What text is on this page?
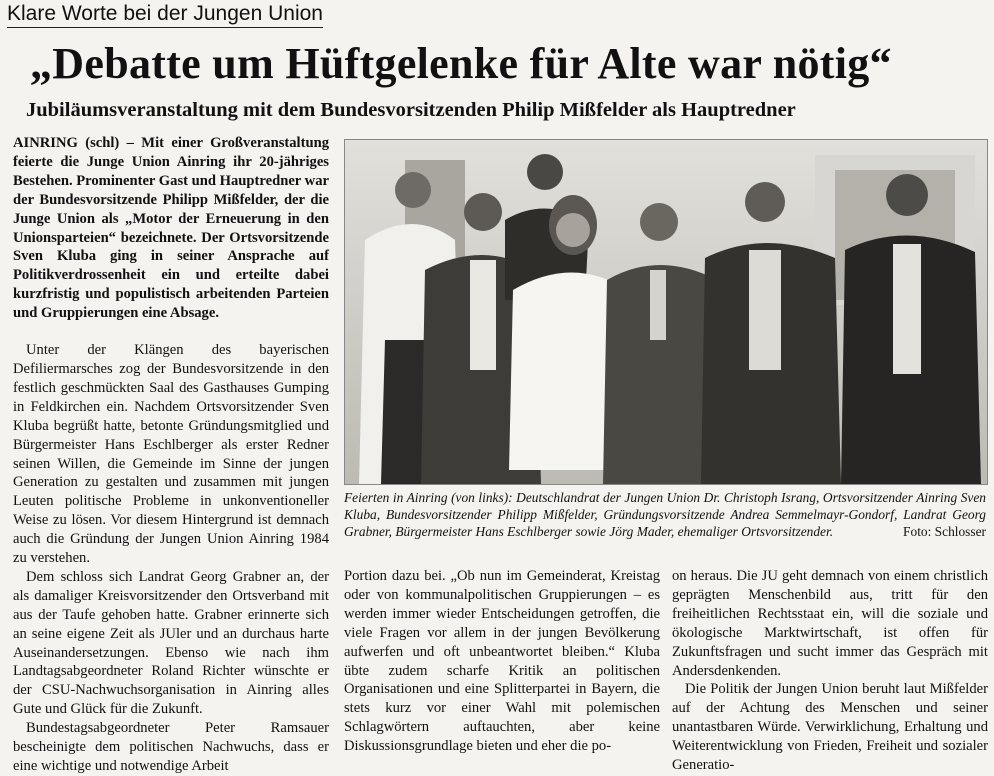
Klare Worte bei der Jungen Union
„Debatte um Hüftgelenke für Alte war nötig“
Jubiläumsveranstaltung mit dem Bundesvorsitzenden Philip Mißfelder als Hauptredner

AINRING (schl) – Mit einer Großveranstaltung feierte die Junge Union Ainring ihr 20-jähriges Bestehen. Prominenter Gast und Hauptredner war der Bundesvorsitzende Philipp Mißfelder, der die Junge Union als „Motor der Erneuerung in den Unionsparteien“ bezeichnete. Der Ortsvorsitzende Sven Kluba ging in seiner Ansprache auf Politikverdrossenheit ein und erteilte dabei kurzfristig und populistisch arbeitenden Parteien und Gruppierungen eine Absage.

Unter der Klängen des bayerischen Defiliermarsches zog der Bundesvorsitzende in den festlich geschmückten Saal des Gasthauses Gumping in Feldkirchen ein. Nachdem Ortsvorsitzender Sven Kluba begrüßt hatte, betonte Gründungsmitglied und Bürgermeister Hans Eschlberger als erster Redner seinen Willen, die Gemeinde im Sinne der jungen Generation zu gestalten und zusammen mit jungen Leuten politische Probleme in unkonventioneller Weise zu lösen. Vor diesem Hintergrund ist demnach auch die Gründung der Jungen Union Ainring 1984 zu verstehen.

Dem schloss sich Landrat Georg Grabner an, der als damaliger Kreisvorsitzender den Ortsverband mit aus der Taufe gehoben hatte. Grabner erinnerte sich an seine eigene Zeit als JUler und an durchaus harte Auseinandersetzungen. Ebenso wie nach ihm Landtagsabgeordneter Roland Richter wünschte er der CSU-Nachwuchsorganisation in Ainring alles Gute und Glück für die Zukunft.

Bundestagsabgeordneter Peter Ramsauer bescheinigte dem politischen Nachwuchs, dass er eine wichtige und notwendige Arbeit

Feierten in Ainring (von links): Deutschlandrat der Jungen Union Dr. Christoph Israng, Ortsvorsitzender Ainring Sven Kluba, Bundesvorsitzender Philipp Mißfelder, Gründungsvorsitzende Andrea Semmelmayr-Gondorf, Landrat Georg Grabner, Bürgermeister Hans Eschlberger sowie Jörg Mader, ehemaliger Ortsvorsitzender.	Foto: Schlosser

Portion dazu bei. „Ob nun im Gemeinderat, Kreistag oder von kommunalpolitischen Gruppierungen – es werden immer wieder Entscheidungen getroffen, die viele Fragen vor allem in der jungen Bevölkerung aufwerfen und oft unbeantwortet bleiben.“ Kluba übte zudem scharfe Kritik an politischen Organisationen und eine Splitterpartei in Bayern, die stets kurz vor einer Wahl mit polemischen Schlagwörtern auftauchten, aber keine Diskussionsgrundlage bieten und eher die po-

on heraus. Die JU geht demnach von einem christlich geprägten Menschenbild aus, tritt für den freiheitlichen Rechtsstaat ein, will die soziale und ökologische Marktwirtschaft, ist offen für Zukunftsfragen und sucht immer das Gespräch mit Andersdenkenden.

Die Politik der Jungen Union beruht laut Mißfelder auf der Achtung des Menschen und seiner unantastbaren Würde. Verwirklichung, Erhaltung und Weiterentwicklung von Frieden, Freiheit und sozialer Generatio-
